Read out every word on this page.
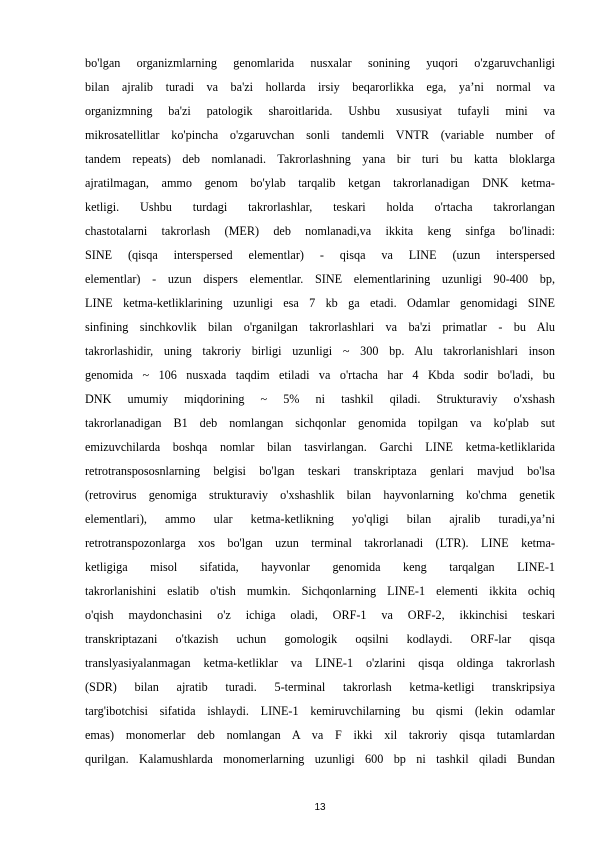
bo'lgan organizmlarning genomlarida nusxalar sonining yuqori o'zgaruvchanligi
bilan ajralib turadi va ba'zi hollarda irsiy beqarorlikka ega, ya’ni normal va
organizmning ba'zi patologik sharoitlarida. Ushbu xususiyat tufayli mini va
mikrosatellitlar ko'pincha o'zgaruvchan sonli tandemli VNTR (variable number of
tandem repeats) deb nomlanadi. Takrorlashning yana bir turi bu katta bloklarga
ajratilmagan, ammo genom bo'ylab tarqalib ketgan takrorlanadigan DNK ketma-
ketligi. Ushbu turdagi takrorlashlar, teskari holda o'rtacha takrorlangan
chastotalarni takrorlash (MER) deb nomlanadi,va ikkita keng sinfga bo'linadi:
SINE (qisqa interspersed elementlar) - qisqa va LINE (uzun interspersed
elementlar) - uzun dispers elementlar. SINE elementlarining uzunligi 90-400 bp,
LINE ketma-ketliklarining uzunligi esa 7 kb ga etadi. Odamlar genomidagi SINE
sinfining sinchkovlik bilan o'rganilgan takrorlashlari va ba'zi primatlar - bu Alu
takrorlashidir, uning takroriy birligi uzunligi ~ 300 bp. Alu takrorlanishlari inson
genomida ~ 106 nusxada taqdim etiladi va o'rtacha har 4 Kbda sodir bo'ladi, bu
DNK umumiy miqdorining ~ 5% ni tashkil qiladi. Strukturaviy o'xshash
takrorlanadigan B1 deb nomlangan sichqonlar genomida topilgan va ko'plab sut
emizuvchilarda boshqa nomlar bilan tasvirlangan. Garchi LINE ketma-ketliklarida
retrotranspososnlarning belgisi bo'lgan teskari transkriptaza genlari mavjud bo'lsa
(retrovirus genomiga strukturaviy o'xshashlik bilan hayvonlarning ko'chma genetik
elementlari), ammo ular ketma-ketlikning yo'qligi bilan ajralib turadi,ya’ni
retrotranspozonlarga xos bo'lgan uzun terminal takrorlanadi (LTR). LINE ketma-
ketligiga misol sifatida, hayvonlar genomida keng tarqalgan LINE-1
takrorlanishini eslatib o'tish mumkin. Sichqonlarning LINE-1 elementi ikkita ochiq
o'qish maydonchasini o'z ichiga oladi, ORF-1 va ORF-2, ikkinchisi teskari
transkriptazani o'tkazish uchun gomologik oqsilni kodlaydi. ORF-lar qisqa
translyasiyalanmagan ketma-ketliklar va LINE-1 o'zlarini qisqa oldinga takrorlash
(SDR) bilan ajratib turadi. 5-terminal takrorlash ketma-ketligi transkripsiya
targ'ibotchisi sifatida ishlaydi. LINE-1 kemiruvchilarning bu qismi (lekin odamlar
emas) monomerlar deb nomlangan A va F ikki xil takroriy qisqa tutamlardan
qurilgan. Kalamushlarda monomerlarning uzunligi 600 bp ni tashkil qiladi Bundan
13
